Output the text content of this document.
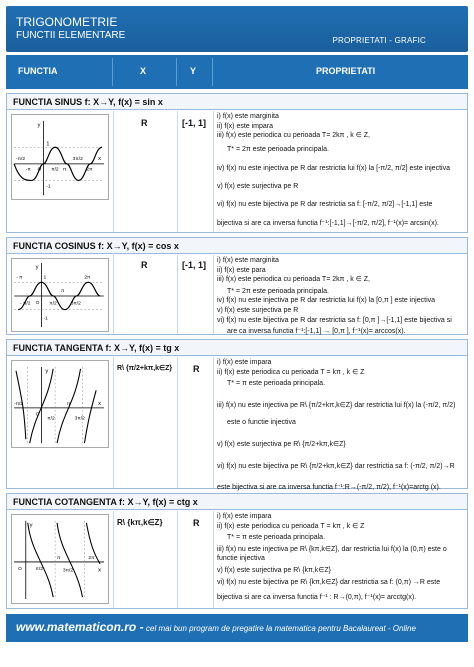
TRIGONOMETRIE
FUNCTII ELEMENTARE	PROPRIETATI - GRAFIC
FUNCTIA	X	Y	PROPRIETATI
FUNCTIA SINUS f: X→Y, f(x) = sin x
y
1
-π/2
π/2
3π/2
-π	π	2π
x
-1
O
R	[-1, 1]
i) f(x) este marginita
ii) f(x) este impara
iii) f(x) este periodica cu perioada T= 2kπ , k ∈ Z,
T* = 2π este perioada principala.
iv) f(x) nu este injectiva pe R dar restrictia lui f(x) la [-π/2, π/2] este injectiva
v) f(x) este surjectiva pe R
vi) f(x) nu este bijectiva pe R dar restrictia sa f: [-π/2, π/2]→[-1,1] este
bijectiva si are ca inversa functia f⁻¹:[-1,1]→[-π/2, π/2], f⁻¹(x)= arcsin(x).
FUNCTIA COSINUS f: X→Y, f(x) = cos x
y
1
- π
π
2π
O
- π/2	π/2	3π/2
-1
R	[-1, 1] i) f(x) este marginita
ii) f(x) este para
iii) f(x) este periodica cu perioada T= 2kπ , k ∈ Z,
T* = 2π este perioada principala.
iv) f(x) nu este injectiva pe R dar restrictia lui f(x) la [0,π ] este injectiva
v) f(x) este surjectiva pe R
vi) f(x) nu este bijectiva pe R dar restrictia sa f: [0,π ]→[-1,1] este bijectiva si
are ca inversa functia f⁻¹:[-1,1] → [0,π ], f⁻¹(x)= arccos(x).
FUNCTIA TANGENTA f: X→Y, f(x) = tg x
y
-π/2
O
π
π/2	3π/2
x
R\ {π/2+kπ,k∈Z} R
i) f(x) este impara
ii) f(x) este periodica cu perioada T = kπ , k ∈ Z
T* = π este perioada principala.
iii) f(x) nu este injectiva pe R\ {π/2+kπ,k∈Z} dar restrictia lui f(x) la (-π/2, π/2)
este o functie injectiva
v) f(x) este surjectiva pe R\ {π/2+kπ,k∈Z}
vi) f(x) nu este bijectiva pe R\ {π/2+kπ,k∈Z} dar restrictia sa f: (-π/2, π/2)→R
este bijectiva si are ca inversa functia f⁻¹:R→(-π/2, π/2), f⁻¹(x)=arctg (x).
FUNCTIA COTANGENTA f: X→Y, f(x) = ctg x
y
O	π/2
π
3π/2
2π
x
R\ {kπ,k∈Z}	R
i) f(x) este impara
ii) f(x) este periodica cu perioada T = kπ , k ∈ Z
T* = π este perioada principala.
iii) f(x) nu este injectiva pe R\ {kπ,k∈Z}, dar restrictia lui f(x) la (0,π) este o
functie injectiva
v) f(x) este surjectiva pe R\ {kπ,k∈Z}
vi) f(x) nu este bijectiva pe R\ {kπ,k∈Z} dar restrictia sa f: (0,π) →R este
bijectiva si are ca inversa functia f⁻¹ : R→(0,π), f⁻¹(x)= arcctg(x).
www.matematicon.ro - cel mai bun program de pregatire la matematica pentru Bacalaureat - Online
